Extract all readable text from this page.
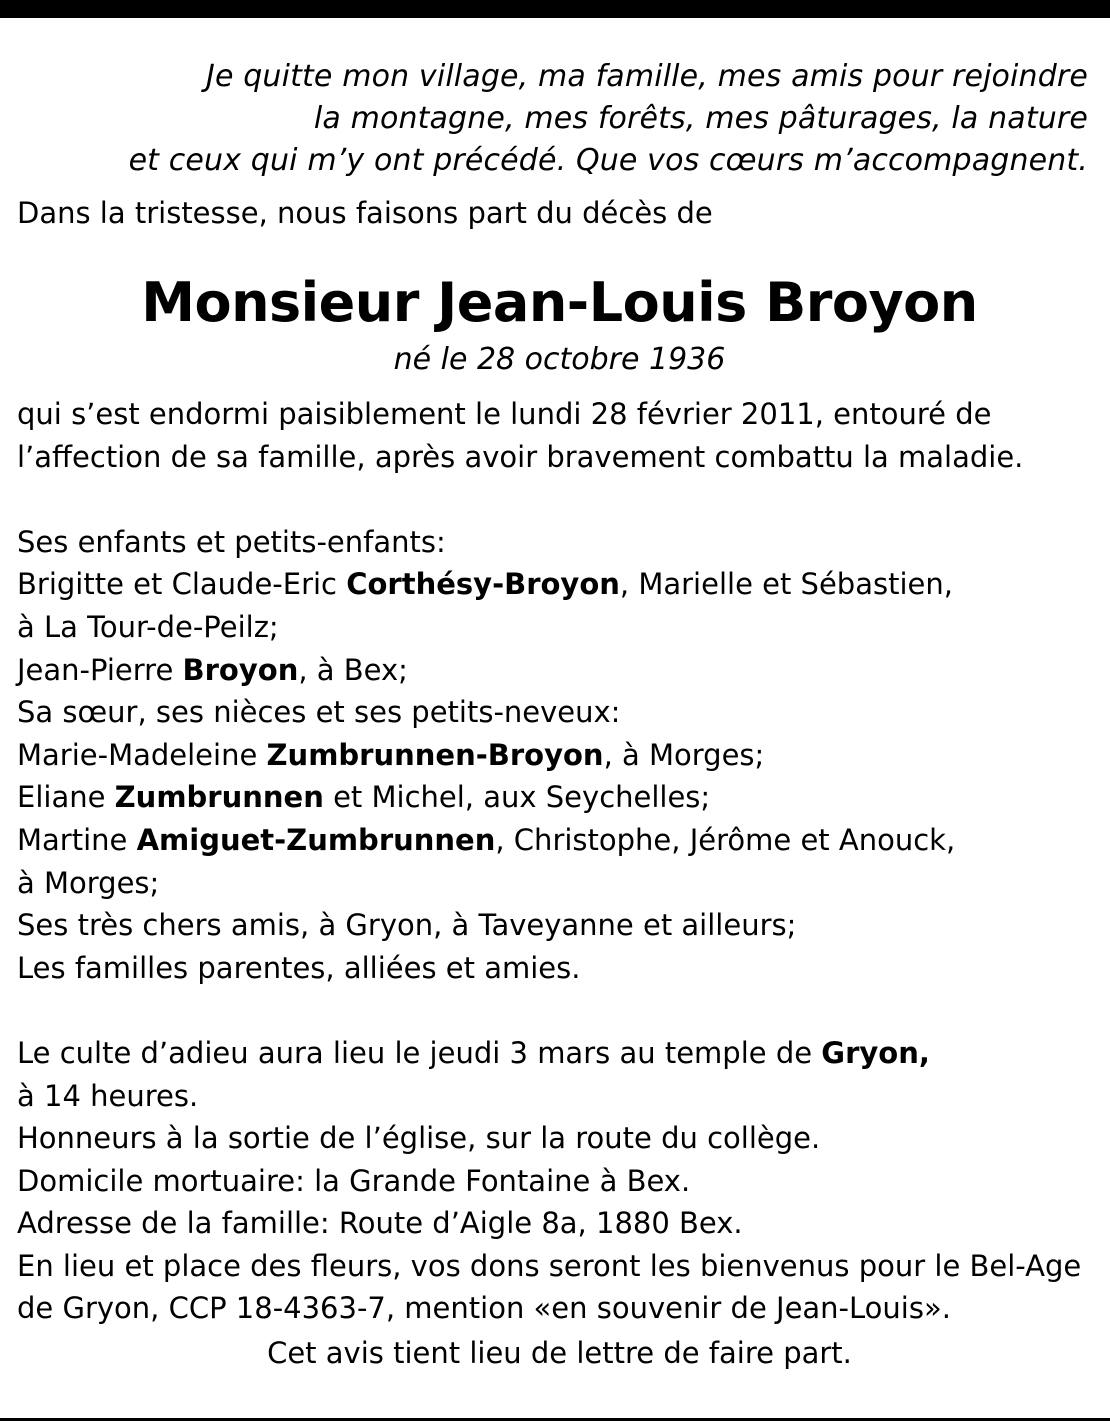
Je quitte mon village, ma famille, mes amis pour rejoindre
la montagne, mes forêts, mes pâturages, la nature
et ceux qui m’y ont précédé. Que vos cœurs m’accompagnent.
Dans la tristesse, nous faisons part du décès de
Monsieur Jean-Louis Broyon
né le 28 octobre 1936
qui s’est endormi paisiblement le lundi 28 février 2011, entouré de
l’affection de sa famille, après avoir bravement combattu la maladie.
Ses enfants et petits-enfants:
Brigitte et Claude-Eric Corthésy-Broyon, Marielle et Sébastien,
à La Tour-de-Peilz;
Jean-Pierre Broyon, à Bex;
Sa sœur, ses nièces et ses petits-neveux:
Marie-Madeleine Zumbrunnen-Broyon, à Morges;
Eliane Zumbrunnen et Michel, aux Seychelles;
Martine Amiguet-Zumbrunnen, Christophe, Jérôme et Anouck,
à Morges;
Ses très chers amis, à Gryon, à Taveyanne et ailleurs;
Les familles parentes, alliées et amies.
Le culte d’adieu aura lieu le jeudi 3 mars au temple de Gryon,
à 14 heures.
Honneurs à la sortie de l’église, sur la route du collège.
Domicile mortuaire: la Grande Fontaine à Bex.
Adresse de la famille: Route d’Aigle 8a, 1880 Bex.
En lieu et place des fleurs, vos dons seront les bienvenus pour le Bel-Age
de Gryon, CCP 18-4363-7, mention «en souvenir de Jean-Louis».
Cet avis tient lieu de lettre de faire part.
